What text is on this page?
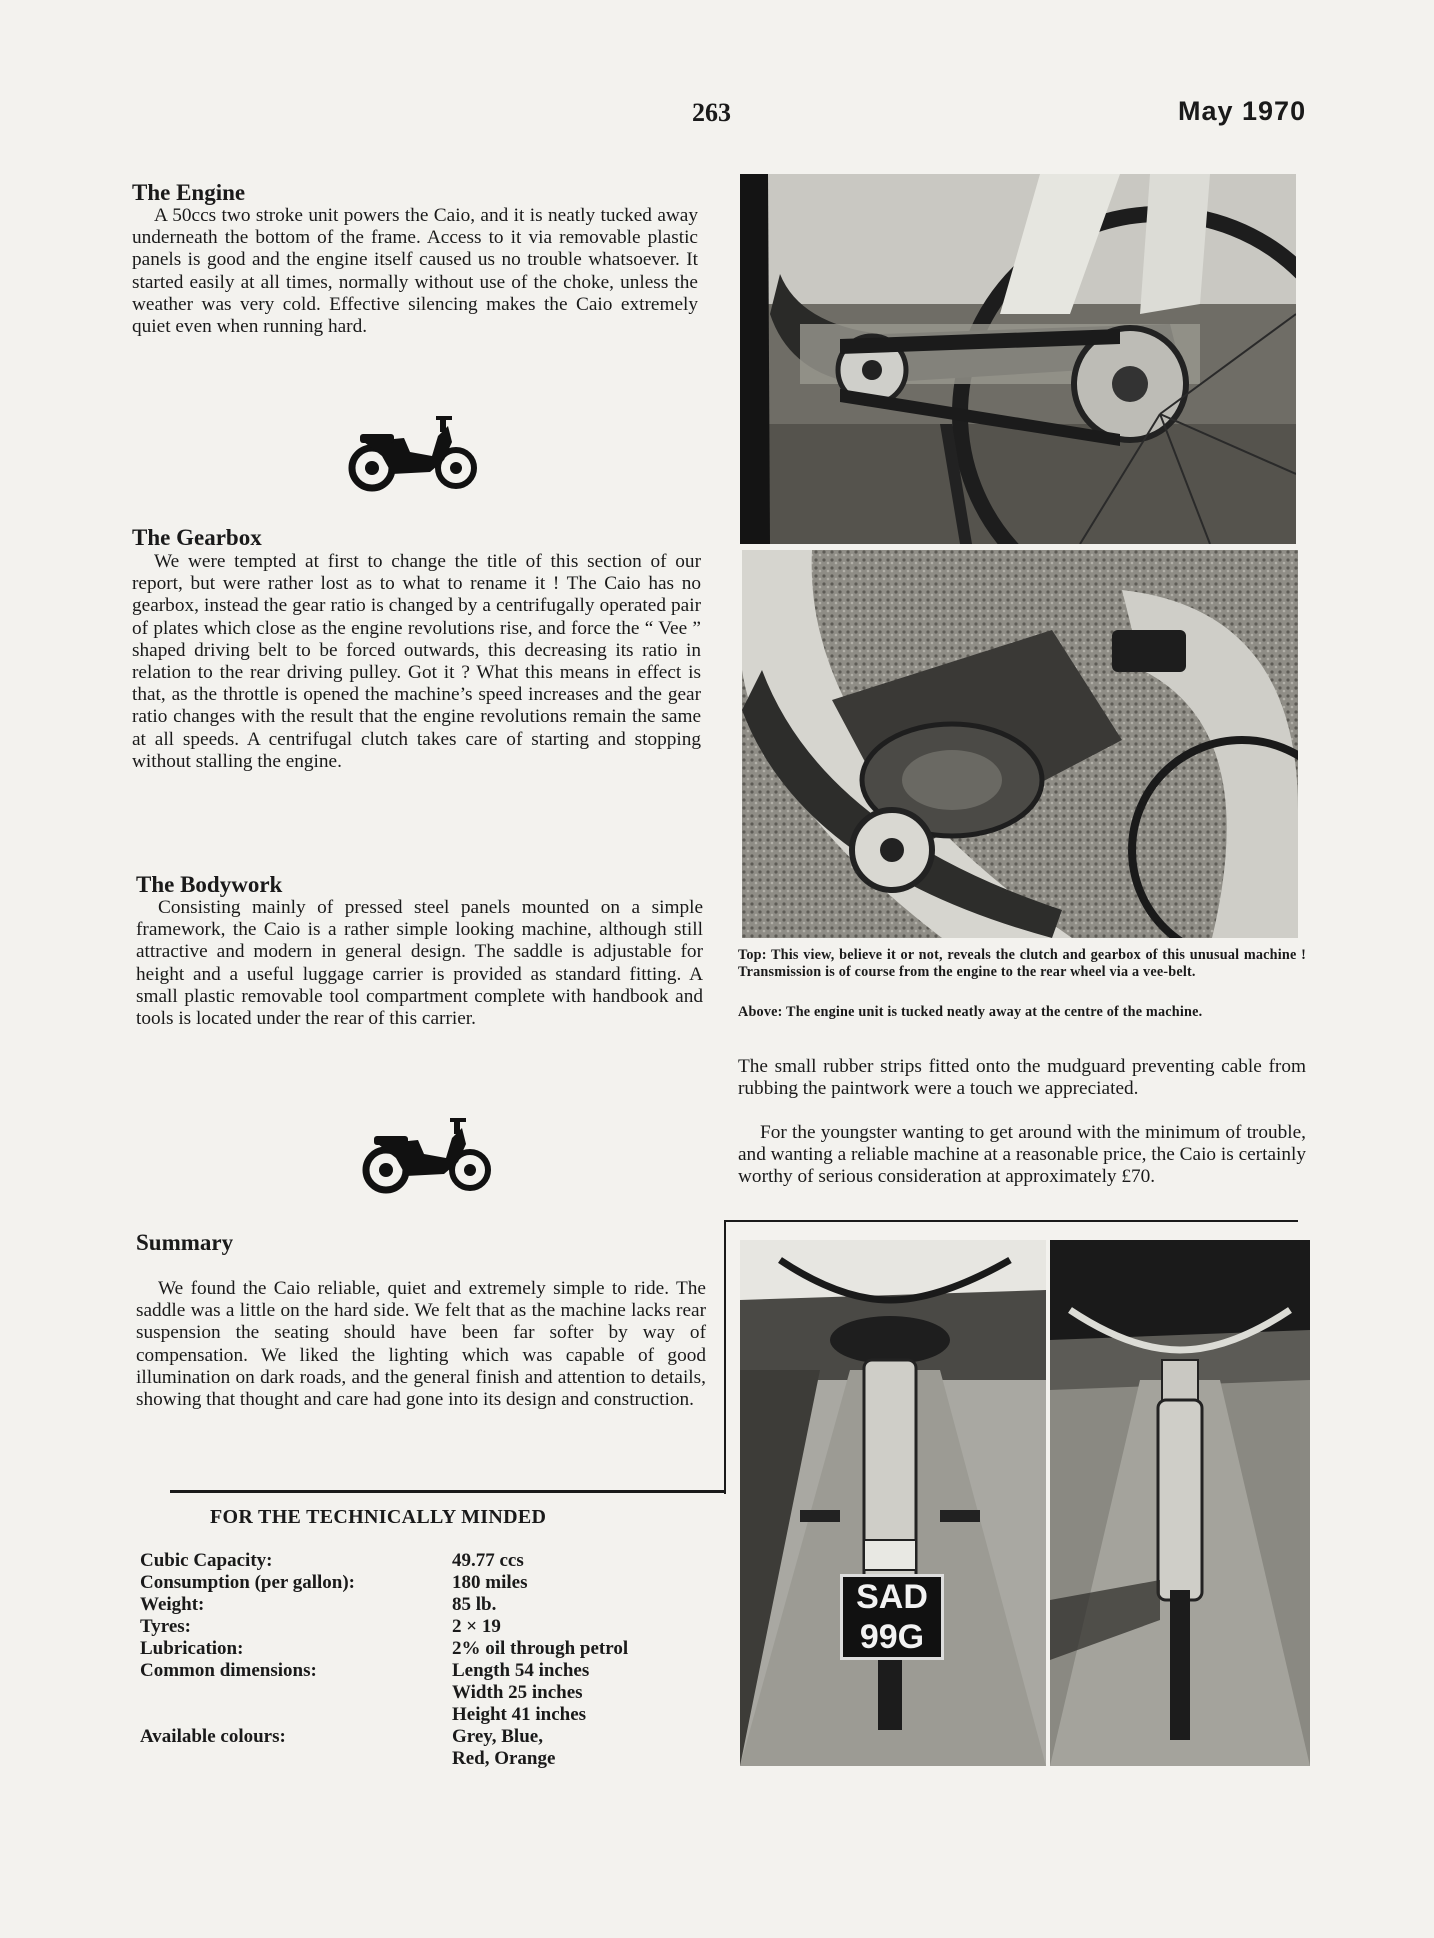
263	May 1970
The Engine

A 50ccs two stroke unit powers the Caio, and it is neatly tucked away underneath the bottom of the frame. Access to it via removable plastic panels is good and the engine itself caused us no trouble whatsoever. It started easily at all times, normally without use of the choke, unless the weather was very cold. Effective silencing makes the Caio extremely quiet even when running hard.

The Gearbox

We were tempted at first to change the title of this section of our report, but were rather lost as to what to rename it ! The Caio has no gearbox, instead the gear ratio is changed by a centrifugally operated pair of plates which close as the engine revolutions rise, and force the “ Vee ” shaped driving belt to be forced outwards, this decreasing its ratio in relation to the rear driving pulley. Got it ? What this means in effect is that, as the throttle is opened the machine’s speed increases and the gear ratio changes with the result that the engine revolutions remain the same at all speeds. A centrifugal clutch takes care of starting and stopping without stalling the engine.

The Bodywork

Consisting mainly of pressed steel panels mounted on a simple framework, the Caio is a rather simple looking machine, although still attractive and modern in general design. The saddle is adjustable for height and a useful luggage carrier is provided as standard fitting. A small plastic removable tool compartment complete with handbook and tools is located under the rear of this carrier.

Summary

We found the Caio reliable, quiet and extremely simple to ride. The saddle was a little on the hard side. We felt that as the machine lacks rear suspension the seating should have been far softer by way of compensation. We liked the lighting which was capable of good illumination on dark roads, and the general finish and attention to details, showing that thought and care had gone into its design and construction.

FOR THE TECHNICALLY MINDED
Cubic Capacity:
Consumption (per gallon):
Weight:
Tyres:
Lubrication:
Common dimensions:
Available colours:
49.77 ccs
180 miles
85 lb.
2 × 19
2% oil through petrol
Length 54 inches
Width 25 inches
Height 41 inches
Grey, Blue,
Red, Orange

Top: This view, believe it or not, reveals the clutch and gearbox of this unusual machine ! Transmission is of course from the engine to the rear wheel via a vee-belt.

Above: The engine unit is tucked neatly away at the centre of the machine.

The small rubber strips fitted onto the mudguard preventing cable from rubbing the paintwork were a touch we appreciated.

For the youngster wanting to get around with the minimum of trouble, and wanting a reliable machine at a reasonable price, the Caio is certainly worthy of serious consideration at approximately £70.

SAD
99G
